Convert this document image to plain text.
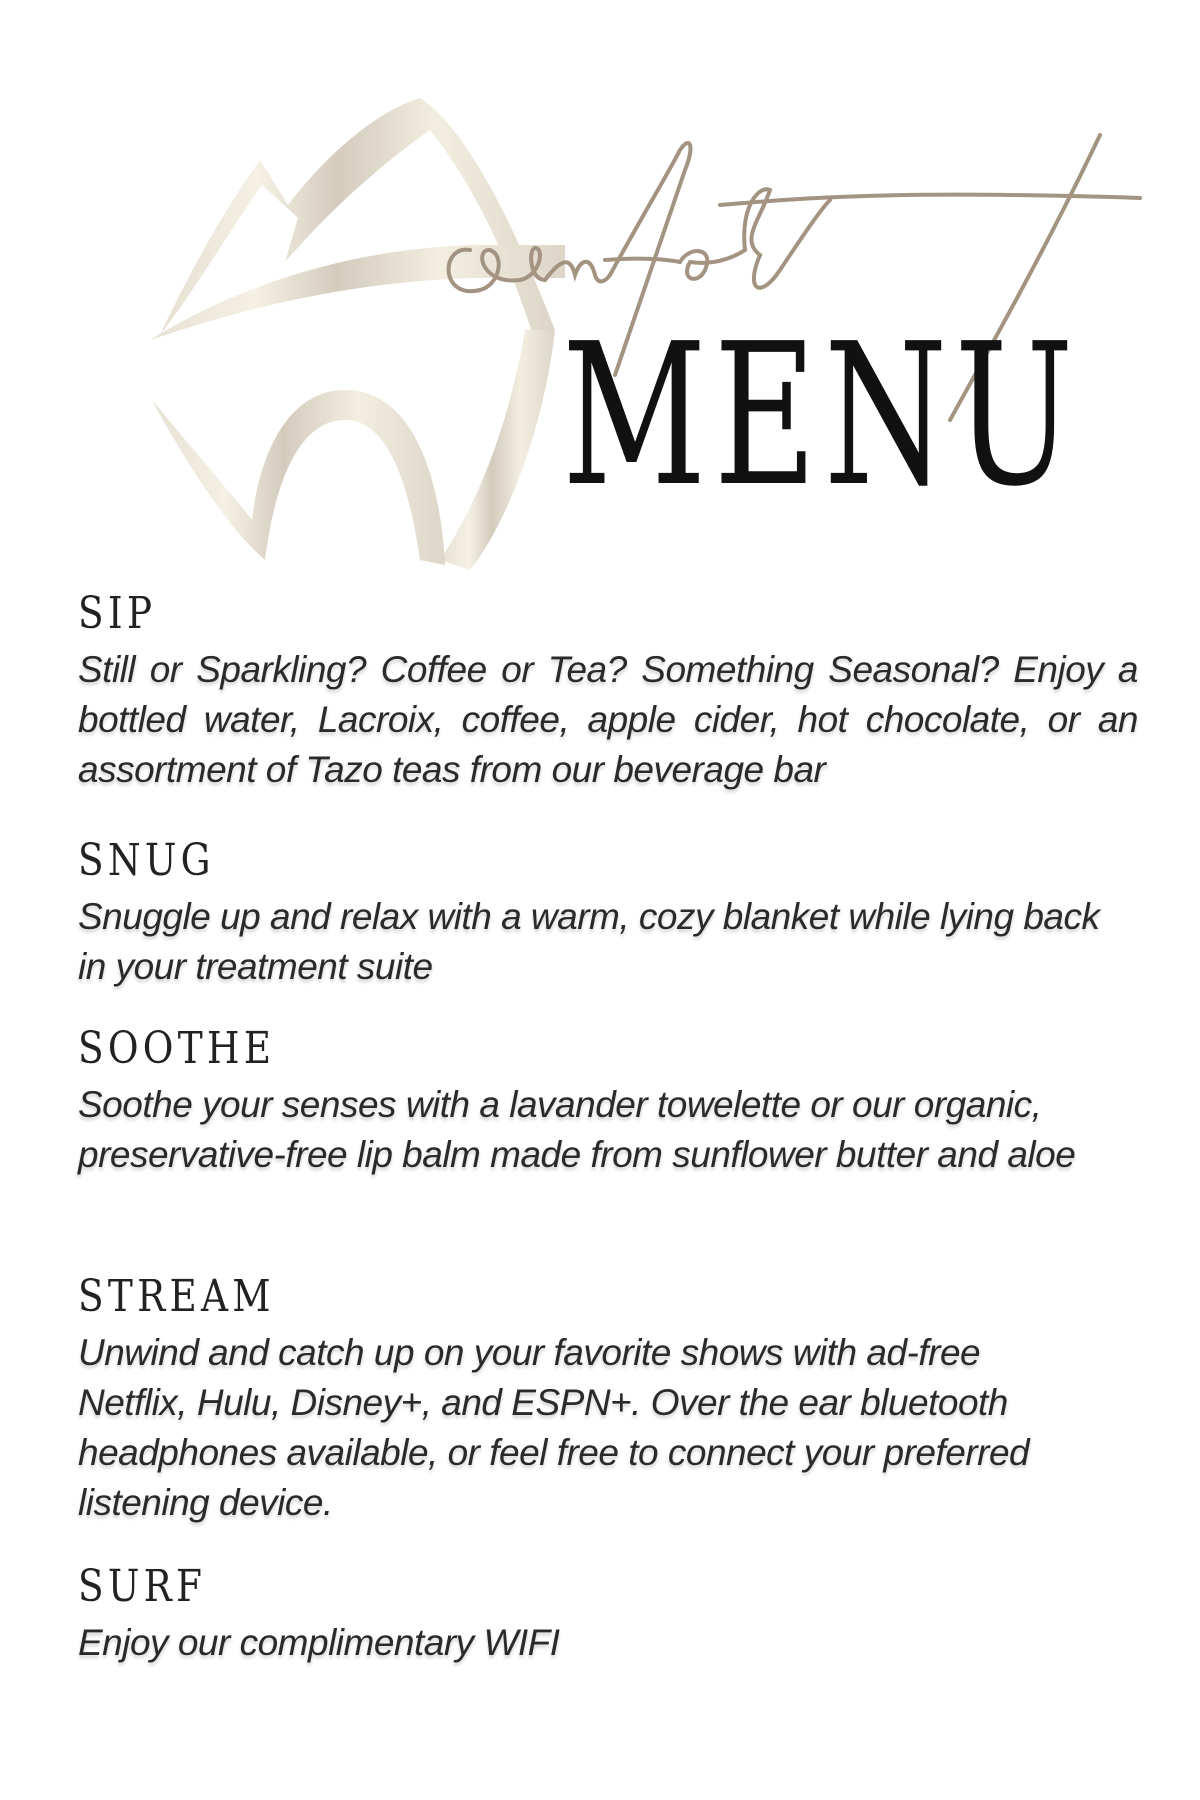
MENU
SIP

Still or Sparkling? Coffee or Tea? Something Seasonal? Enjoy a bottled water, Lacroix, coffee, apple cider, hot chocolate, or an assortment of Tazo teas from our beverage bar

SNUG

Snuggle up and relax with a warm, cozy blanket while lying back in your treatment suite

SOOTHE

Soothe your senses with a lavander towelette or our organic, preservative-free lip balm made from sunflower butter and aloe

STREAM

Unwind and catch up on your favorite shows with ad-free Netflix, Hulu, Disney+, and ESPN+. Over the ear bluetooth headphones available, or feel free to connect your preferred listening device.

SURF

Enjoy our complimentary WIFI
